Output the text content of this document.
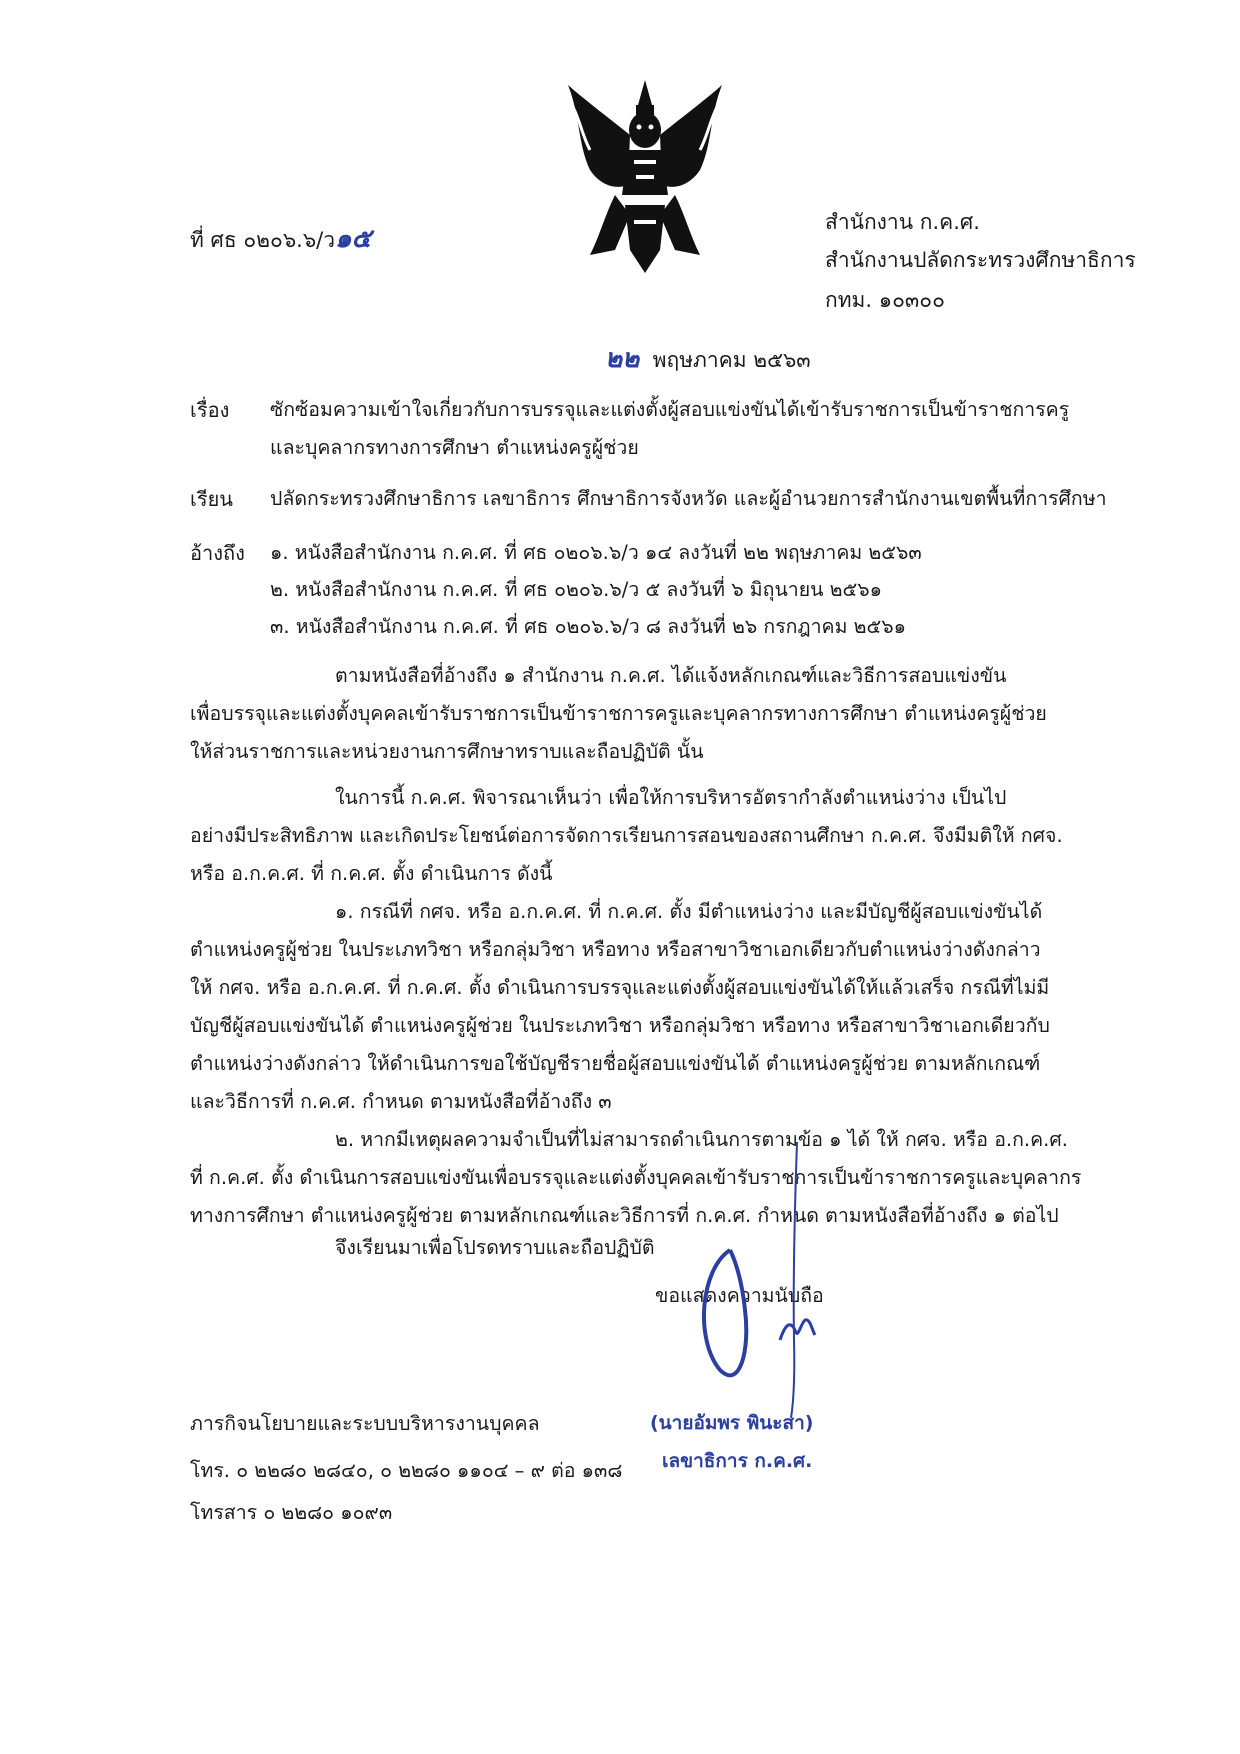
ที่ ศธ ๐๒๐๖.๖/ว๑๕
สำนักงาน ก.ค.ศ.
สำนักงานปลัดกระทรวงศึกษาธิการ
กทม. ๑๐๓๐๐
๒๒ พฤษภาคม ๒๕๖๓
เรื่อง ซักซ้อมความเข้าใจเกี่ยวกับการบรรจุและแต่งตั้งผู้สอบแข่งขันได้เข้ารับราชการเป็นข้าราชการครู
และบุคลากรทางการศึกษา ตำแหน่งครูผู้ช่วย
เรียน ปลัดกระทรวงศึกษาธิการ เลขาธิการ ศึกษาธิการจังหวัด และผู้อำนวยการสำนักงานเขตพื้นที่การศึกษา
อ้างถึง ๑. หนังสือสำนักงาน ก.ค.ศ. ที่ ศธ ๐๒๐๖.๖/ว ๑๔ ลงวันที่ ๒๒ พฤษภาคม ๒๕๖๓
๒. หนังสือสำนักงาน ก.ค.ศ. ที่ ศธ ๐๒๐๖.๖/ว ๕ ลงวันที่ ๖ มิถุนายน ๒๕๖๑
๓. หนังสือสำนักงาน ก.ค.ศ. ที่ ศธ ๐๒๐๖.๖/ว ๘ ลงวันที่ ๒๖ กรกฎาคม ๒๕๖๑
ตามหนังสือที่อ้างถึง ๑ สำนักงาน ก.ค.ศ. ได้แจ้งหลักเกณฑ์และวิธีการสอบแข่งขัน
เพื่อบรรจุและแต่งตั้งบุคคลเข้ารับราชการเป็นข้าราชการครูและบุคลากรทางการศึกษา ตำแหน่งครูผู้ช่วย
ให้ส่วนราชการและหน่วยงานการศึกษาทราบและถือปฏิบัติ นั้น
ในการนี้ ก.ค.ศ. พิจารณาเห็นว่า เพื่อให้การบริหารอัตรากำลังตำแหน่งว่าง เป็นไป
อย่างมีประสิทธิภาพ และเกิดประโยชน์ต่อการจัดการเรียนการสอนของสถานศึกษา ก.ค.ศ. จึงมีมติให้ กศจ.
หรือ อ.ก.ค.ศ. ที่ ก.ค.ศ. ตั้ง ดำเนินการ ดังนี้
๑. กรณีที่ กศจ. หรือ อ.ก.ค.ศ. ที่ ก.ค.ศ. ตั้ง มีตำแหน่งว่าง และมีบัญชีผู้สอบแข่งขันได้
ตำแหน่งครูผู้ช่วย ในประเภทวิชา หรือกลุ่มวิชา หรือทาง หรือสาขาวิชาเอกเดียวกับตำแหน่งว่างดังกล่าว
ให้ กศจ. หรือ อ.ก.ค.ศ. ที่ ก.ค.ศ. ตั้ง ดำเนินการบรรจุและแต่งตั้งผู้สอบแข่งขันได้ให้แล้วเสร็จ กรณีที่ไม่มี
บัญชีผู้สอบแข่งขันได้ ตำแหน่งครูผู้ช่วย ในประเภทวิชา หรือกลุ่มวิชา หรือทาง หรือสาขาวิชาเอกเดียวกับ
ตำแหน่งว่างดังกล่าว ให้ดำเนินการขอใช้บัญชีรายชื่อผู้สอบแข่งขันได้ ตำแหน่งครูผู้ช่วย ตามหลักเกณฑ์
และวิธีการที่ ก.ค.ศ. กำหนด ตามหนังสือที่อ้างถึง ๓
๒. หากมีเหตุผลความจำเป็นที่ไม่สามารถดำเนินการตามข้อ ๑ ได้ ให้ กศจ. หรือ อ.ก.ค.ศ.
ที่ ก.ค.ศ. ตั้ง ดำเนินการสอบแข่งขันเพื่อบรรจุและแต่งตั้งบุคคลเข้ารับราชการเป็นข้าราชการครูและบุคลากร
ทางการศึกษา ตำแหน่งครูผู้ช่วย ตามหลักเกณฑ์และวิธีการที่ ก.ค.ศ. กำหนด ตามหนังสือที่อ้างถึง ๑ ต่อไป
จึงเรียนมาเพื่อโปรดทราบและถือปฏิบัติ
ขอแสดงความนับถือ
(นายอัมพร พินะสา)
เลขาธิการ ก.ค.ศ.
ภารกิจนโยบายและระบบบริหารงานบุคคล
โทร. ๐ ๒๒๘๐ ๒๘๔๐, ๐ ๒๒๘๐ ๑๑๐๔ – ๙ ต่อ ๑๓๘
โทรสาร ๐ ๒๒๘๐ ๑๐๙๓
